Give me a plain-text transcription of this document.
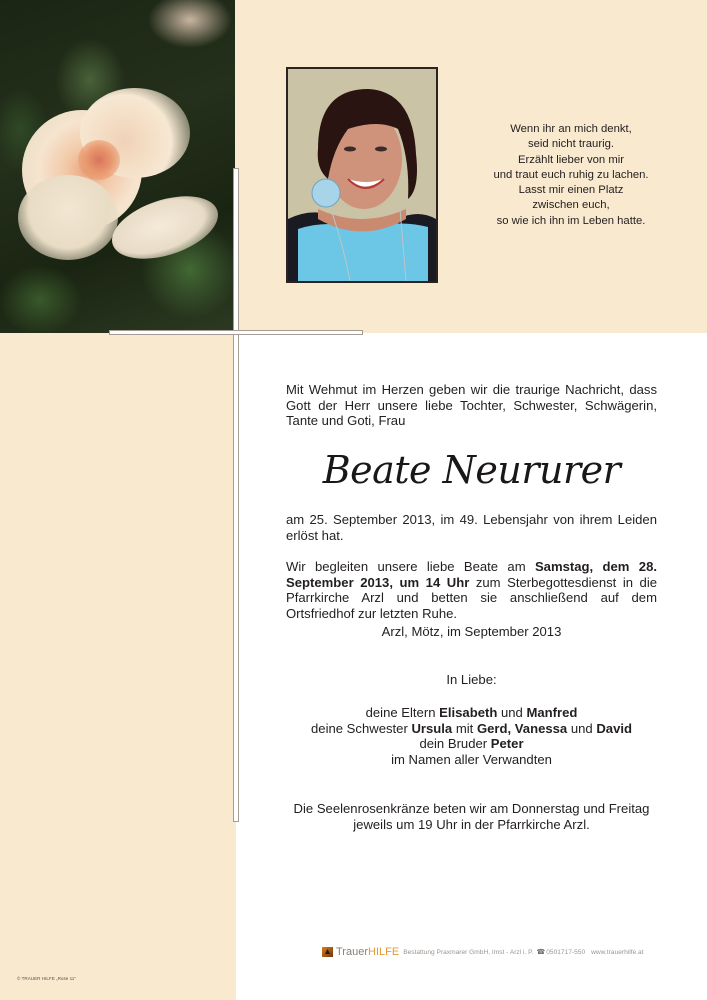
Wenn ihr an mich denkt,
seid nicht traurig.
Erzählt lieber von mir
und traut euch ruhig zu lachen.
Lasst mir einen Platz
zwischen euch,
so wie ich ihn im Leben hatte.
Mit Wehmut im Herzen geben wir die traurige Nachricht, dass Gott der Herr unsere liebe Tochter, Schwester, Schwägerin, Tante und Goti, Frau
Beate Neururer
am 25. September 2013, im 49. Lebensjahr von ihrem Leiden erlöst hat.
Wir begleiten unsere liebe Beate am Samstag, dem 28. September 2013, um 14 Uhr zum Sterbegottesdienst in die Pfarrkirche Arzl und betten sie anschließend auf dem Ortsfriedhof zur letzten Ruhe.
Arzl, Mötz, im September 2013
In Liebe:
deine Eltern Elisabeth und Manfred
deine Schwester Ursula mit Gerd, Vanessa und David
dein Bruder Peter
im Namen aller Verwandten
Die Seelenrosenkränze beten wir am Donnerstag und Freitag
jeweils um 19 Uhr in der Pfarrkirche Arzl.
Trauer HILFE Bestattung Praxmarer GmbH, Imst - Arzl i. P. ☎ 0501717-550 www.trauerhilfe.at
© TRAUER HILFE „Rose 11“
